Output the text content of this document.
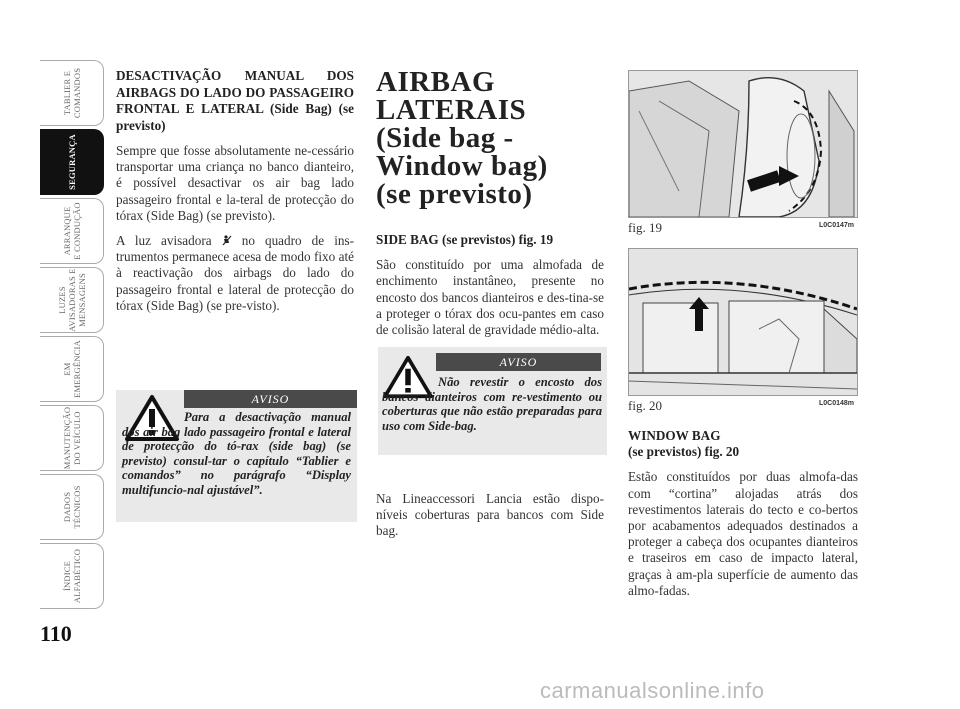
TABLIER E
COMANDOS
SEGURANÇA
ARRANQUE
E CONDUÇÃO
LUZES
AVISADORAS E
MENSAGENS
EM
EMERGÊNCIA
MANUTENÇÃO
DO VEÍCULO
DADOS
TÉCNICOS
ÍNDICE
ALFABÉTICO
110

DESACTIVAÇÃO MANUAL DOS AIRBAGS DO LADO DO PASSAGEIRO FRONTAL E LATERAL (Side Bag) (se previsto)

Sempre que fosse absolutamente ne-cessário transportar uma criança no banco dianteiro, é possível desactivar os air bag lado passageiro frontal e la-teral de protecção do tórax (Side Bag) (se previsto).

A luz avisadora  no quadro de ins-trumentos permanece acesa de modo fixo até à reactivação dos airbags do lado do passageiro frontal e lateral de protecção do tórax (Side Bag) (se pre-visto).

AVISO

Para a desactivação manual dos air bag lado passageiro frontal e lateral de protecção do tó-rax (side bag) (se previsto) consul-tar o capítulo “Tablier e comandos” no parágrafo “Display multifuncio-nal ajustável”.

AIRBAG LATERAIS
(Side bag -
Window bag)
(se previsto)

SIDE BAG (se previstos) fig. 19

São constituído por uma almofada de enchimento instantâneo, presente no encosto dos bancos dianteiros e des-tina-se a proteger o tórax dos ocu-pantes em caso de colisão lateral de gravidade médio-alta.

AVISO

Não revestir o encosto dos bancos dianteiros com re-vestimento ou coberturas que não estão preparadas para uso com Side-bag.

Na Lineaccessori Lancia estão dispo-níveis coberturas para bancos com Side bag.

fig. 19	L0C0147m
fig. 20	L0C0148m

WINDOW BAG

(se previstos) fig. 20

Estão constituídos por duas almofa-das com “cortina” alojadas atrás dos revestimentos laterais do tecto e co-bertos por acabamentos adequados destinados a proteger a cabeça dos ocupantes dianteiros e traseiros em caso de impacto lateral, graças à am-pla superfície de aumento das almo-fadas.

carmanualsonline.info
